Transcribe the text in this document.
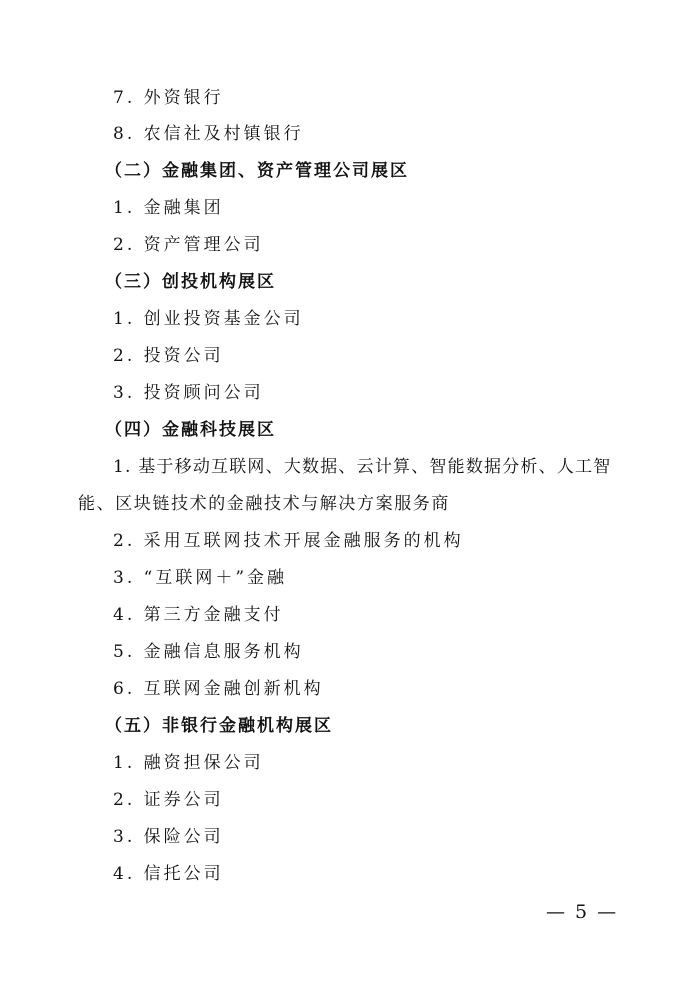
7. 外资银行

8. 农信社及村镇银行

（二）金融集团、资产管理公司展区

1. 金融集团

2. 资产管理公司

（三）创投机构展区

1. 创业投资基金公司

2. 投资公司

3. 投资顾问公司

（四）金融科技展区

1. 基于移动互联网、大数据、云计算、智能数据分析、人工智

能、区块链技术的金融技术与解决方案服务商

2. 采用互联网技术开展金融服务的机构

3. “互联网＋”金融

4. 第三方金融支付

5. 金融信息服务机构

6. 互联网金融创新机构

（五）非银行金融机构展区

1. 融资担保公司

2. 证券公司

3. 保险公司

4. 信托公司

— 5 —
